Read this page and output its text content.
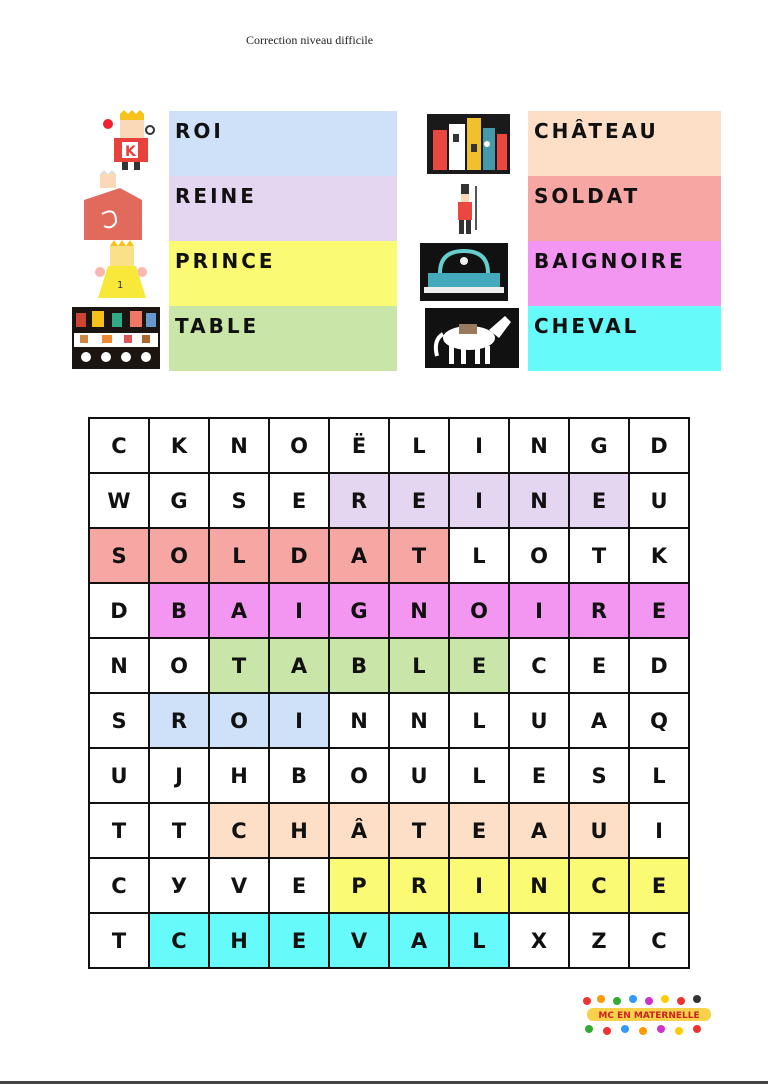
Correction niveau difficile
K
1
ROI
REINE
PRINCE
TABLE
CHÂTEAU
SOLDAT
BAIGNOIRE
CHEVAL
C	K	N	O	Ë	L	I	N	G	D
W	G	S	E	R	E	I	N	E	U
S	O	L	D	A	T	L	O	T	K
D	B	A	I	G	N	O	I	R	E
N	O	T	A	B	L	E	C	E	D
S	R	O	I	N	N	L	U	A	Q
U	J	H	B	O	U	L	E	S	L
T	T	C	H	Â	T	E	A	U	I
C	У	V	E	P	R	I	N	C	E
T	C	H	E	V	A	L	X	Z	C
MC EN MATERNELLE
